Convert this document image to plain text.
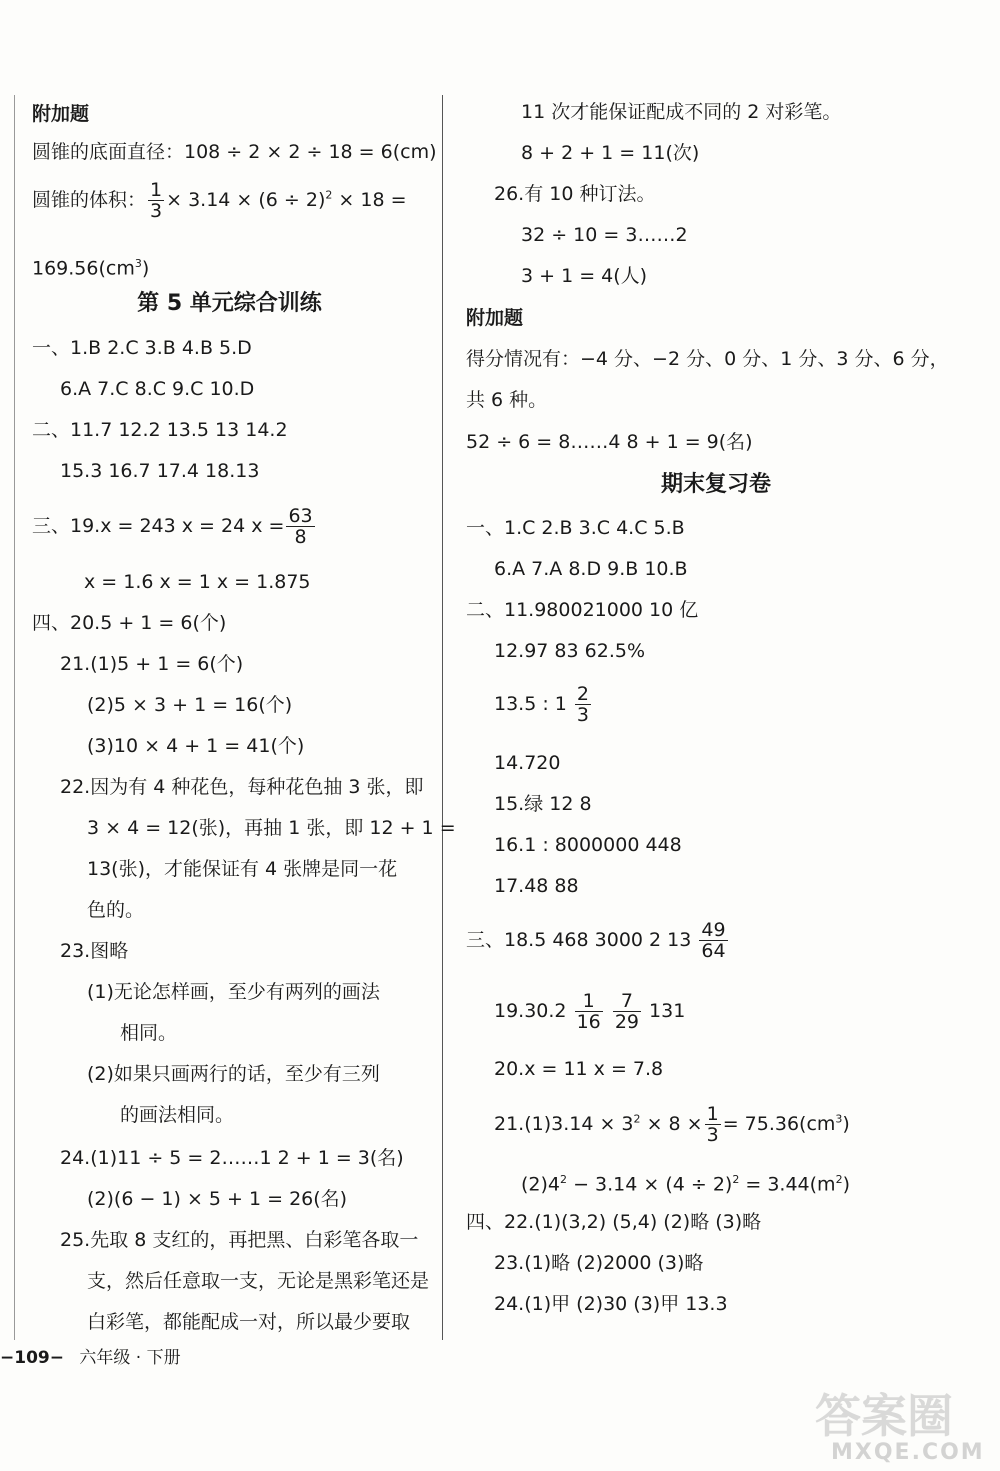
附加题
圆锥的底面直径：108 ÷ 2 × 2 ÷ 18 = 6(cm)
圆锥的体积： $\frac{1}{3} \times 3.14 \times (6 \div 2)^2 \times 18$ =
$169.56(cm^3)$
第 5 单元综合训练
一、1.B 2.C 3.B 4.B 5.D
6.A 7.C 8.C 9.C 10.D
二、11.7 12.2 13.5 13 14.2
15.3 16.7 17.4 18.13
三、19.x = 243 x = 24 $x = \frac{63}{8}$
x = 1.6 x = 1 x = 1.875
四、20.5 + 1 = 6(个)
21.(1)5 + 1 = 6(个)
(2)5 × 3 + 1 = 16(个)
(3)10 × 4 + 1 = 41(个)
22.因为有 4 种花色，每种花色抽 3 张，即
3 × 4 = 12(张)，再抽 1 张，即 12 + 1 =
13(张)，才能保证有 4 张牌是同一花
色的。
23.图略
(1)无论怎样画，至少有两列的画法
相同。
(2)如果只画两行的话，至少有三列
的画法相同。
24.(1)11 ÷ 5 = 2……1 2 + 1 = 3(名)
(2)(6 − 1) × 5 + 1 = 26(名)
25.先取 8 支红的，再把黑、白彩笔各取一
支，然后任意取一支，无论是黑彩笔还是
白彩笔，都能配成一对，所以最少要取
11 次才能保证配成不同的 2 对彩笔。
8 + 2 + 1 = 11(次)
26.有 10 种订法。
32 ÷ 10 = 3……2
3 + 1 = 4(人)
附加题
得分情况有：−4 分、−2 分、0 分、1 分、3 分、6 分，
共 6 种。
52 ÷ 6 = 8……4 8 + 1 = 9(名)
期末复习卷
一、1.C 2.B 3.C 4.C 5.B
6.A 7.A 8.D 9.B 10.B
二、11.980021000 10 亿
12.97 83 62.5%
13.5 : $1 \frac{2}{3}$
14.720
15.绿 12 8
16.1 : 8000000 448
17.48 88
三、18.5 468 3000 2 $13 \frac{49}{64}$
$19.30.2 \frac{1}{16}$
$\frac{7}{29} 131$
20.x = 11 x = 7.8
$21.(1)3.14 \times 3^2 \times 8 \times \frac{1}{3} = 75.36(cm^3)$
$(2)4^2 - 3.14 \times (4 \div 2)^2 = 3.44(m^2)$
四、22.(1)(3,2) (5,4) (2)略 (3)略
23.(1)略 (2)2000 (3)略
24.(1)甲 (2)30 (3)甲 13.3
−109− 六年级 · 下册
答案圈
MXQE.COM
